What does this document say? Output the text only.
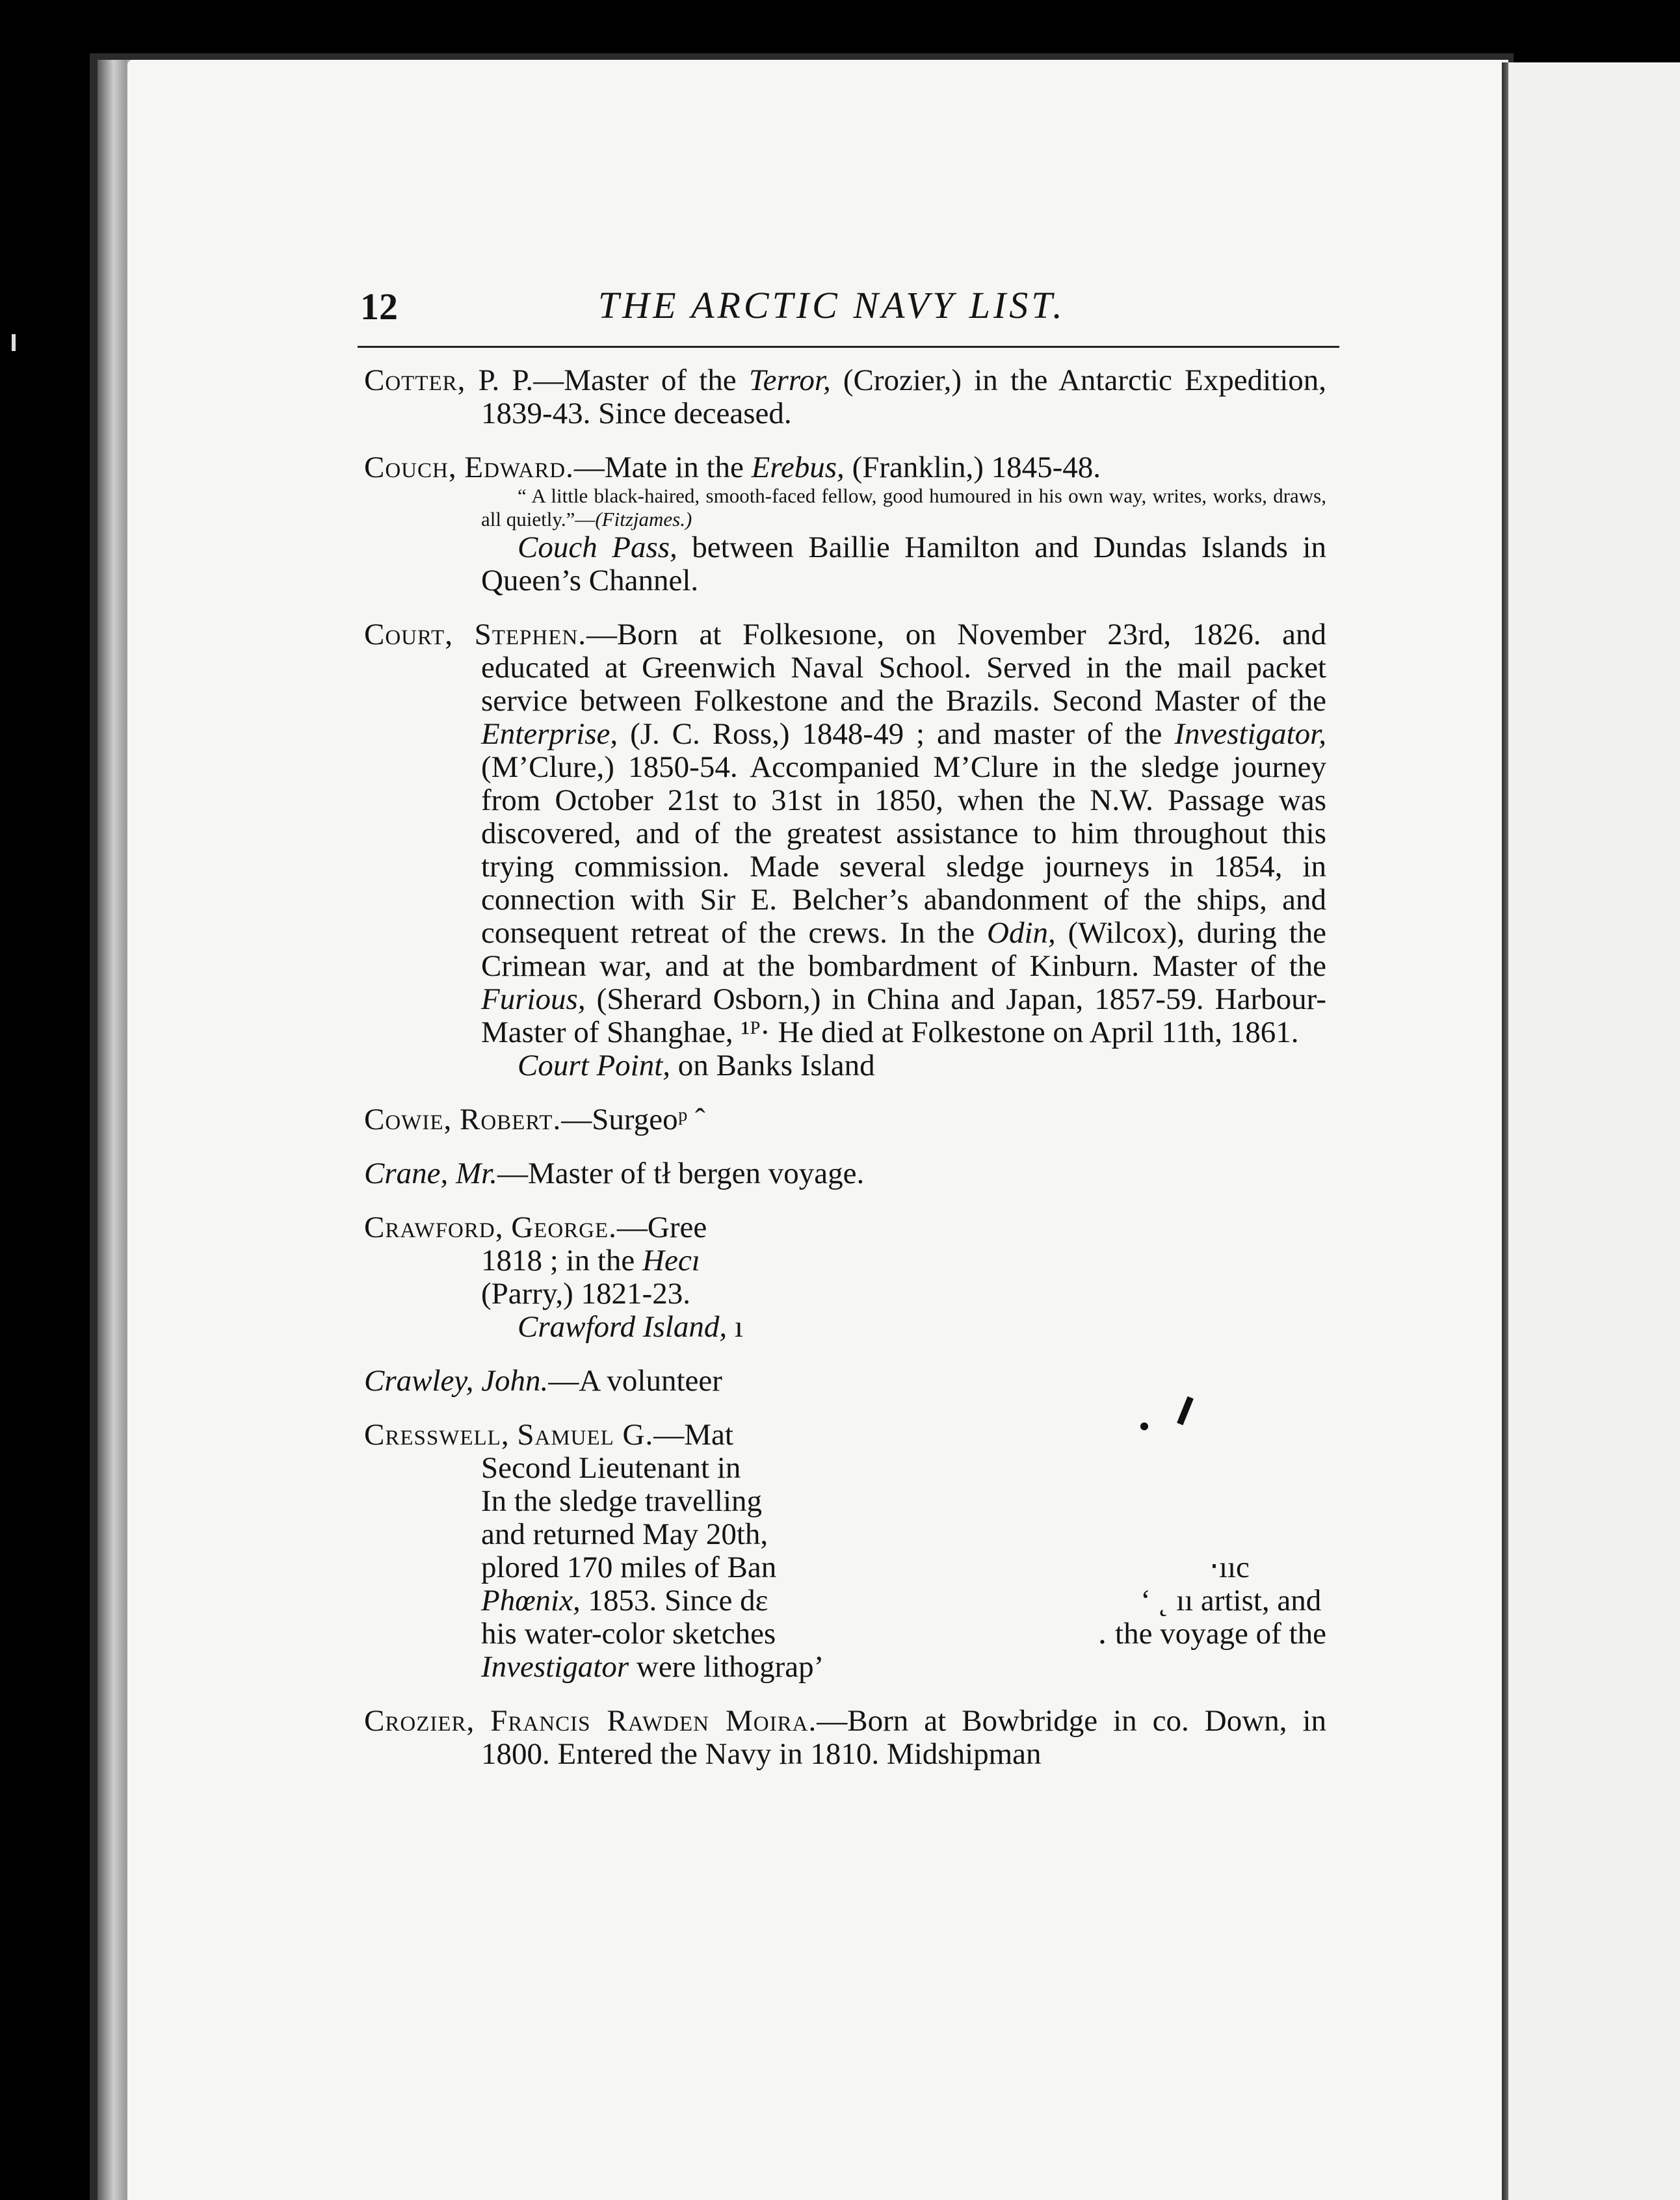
12	THE ARCTIC NAVY LIST.
Cotter, P. P.—Master of the Terror, (Crozier,) in the Antarctic Expedition, 1839-43. Since deceased.
Couch, Edward.—Mate in the Erebus, (Franklin,) 1845-48.

“ A little black-haired, smooth-faced fellow, good humoured in his own way, writes, works, draws, all quietly.”—(Fitzjames.)

Couch Pass, between Baillie Hamilton and Dundas Islands in Queen’s Channel.

Court, Stephen.—Born at Folkesıone, on November 23rd, 1826. and educated at Greenwich Naval School. Served in the mail packet service between Folkestone and the Brazils. Second Master of the Enterprise, (J. C. Ross,) 1848-49 ; and master of the Investigator, (M’Clure,) 1850-54. Accompanied M’Clure in the sledge journey from October 21st to 31st in 1850, when the N.W. Passage was discovered, and of the greatest assistance to him throughout this trying commission. Made several sledge journeys in 1854, in connection with Sir E. Belcher’s abandonment of the ships, and consequent retreat of the crews. In the Odin, (Wilcox), during the Crimean war, and at the bombardment of Kinburn. Master of the Furious, (Sherard Osborn,) in China and Japan, 1857-59. Harbour-Master of Shanghae, ¹ᴾ· He died at Folkestone on April 11th, 1861.

Court Point, on Banks Island

Cowie, Robert.—Surgeoᵖ ˆ
Crane, Mr.—Master of tł bergen voyage.
Crawford, George.—Gree
1818 ; in the Hecı
(Parry,) 1821-23.

Crawford Island, ı

Crawley, John.—A volunteer
Cresswell, Samuel G.—Mat
Second Lieutenant in
In the sledge travelling
and returned May 20th,
plored 170 miles of Ban	‧ııс

Phœnix, 1853. Since dε	‘ ˛ ıı artist, and

his water-color sketches	․ the voyage of the

Investigator were lithograp’
Crozier, Francis Rawden Moira.—Born at Bowbridge in co. Down, in 1800. Entered the Navy in 1810. Midshipman
